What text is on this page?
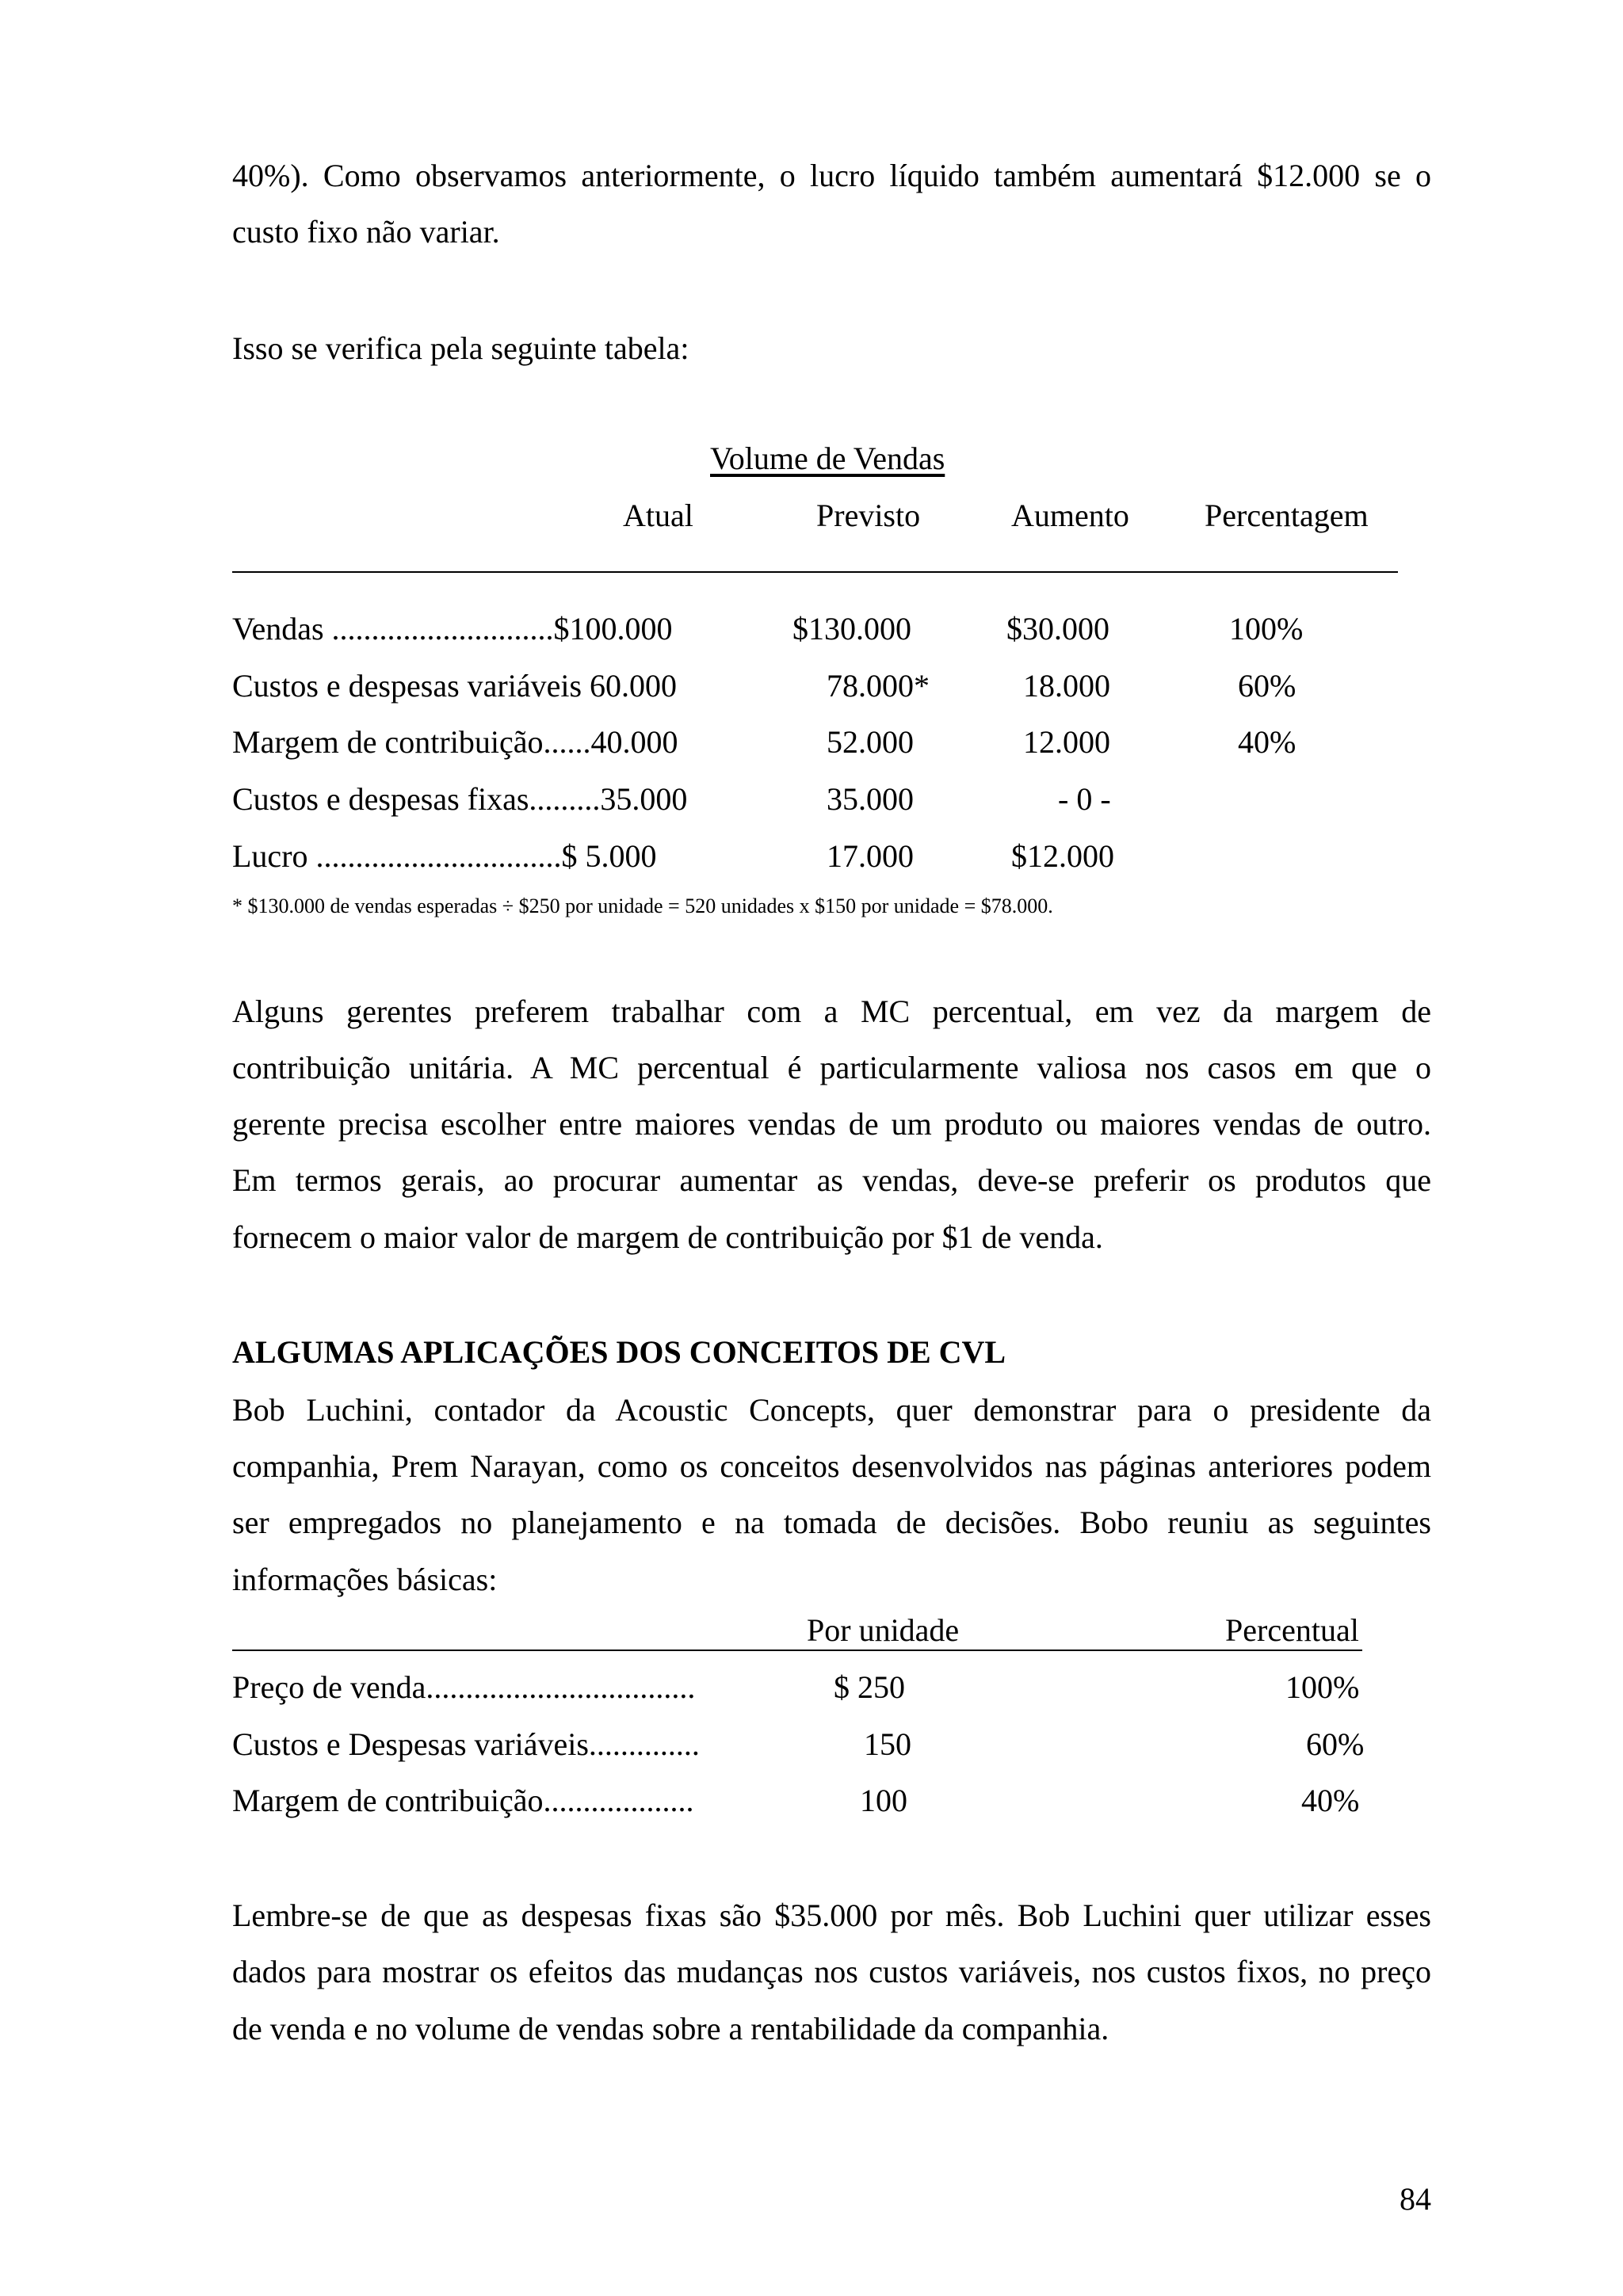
40%). Como observamos anteriormente, o lucro líquido também aumentará $12.000 se o
custo fixo não variar.
Isso se verifica pela seguinte tabela:
Volume de Vendas
Atual	Previsto	Aumento Percentagem
Vendas ............................$100.000	$130.000	$30.000	100%
Custos e despesas variáveis 60.000	78.000*	18.000	60%
Margem de contribuição......40.000	52.000	12.000	40%
Custos e despesas fixas.........35.000	35.000	- 0 -
Lucro ...............................$ 5.000	17.000	$12.000
* $130.000 de vendas esperadas ÷ $250 por unidade = 520 unidades x $150 por unidade = $78.000.
Alguns gerentes preferem trabalhar com a MC percentual, em vez da margem de
contribuição unitária. A MC percentual é particularmente valiosa nos casos em que o
gerente precisa escolher entre maiores vendas de um produto ou maiores vendas de outro.
Em termos gerais, ao procurar aumentar as vendas, deve-se preferir os produtos que
fornecem o maior valor de margem de contribuição por $1 de venda.
ALGUMAS APLICAÇÕES DOS CONCEITOS DE CVL
Bob Luchini, contador da Acoustic Concepts, quer demonstrar para o presidente da
companhia, Prem Narayan, como os conceitos desenvolvidos nas páginas anteriores podem
ser empregados no planejamento e na tomada de decisões. Bobo reuniu as seguintes
informações básicas:
Por unidade	Percentual
Preço de venda..................................	$ 250	100%
Custos e Despesas variáveis..............	150	60%
Margem de contribuição...................	100	40%
Lembre-se de que as despesas fixas são $35.000 por mês. Bob Luchini quer utilizar esses
dados para mostrar os efeitos das mudanças nos custos variáveis, nos custos fixos, no preço
de venda e no volume de vendas sobre a rentabilidade da companhia.
84
